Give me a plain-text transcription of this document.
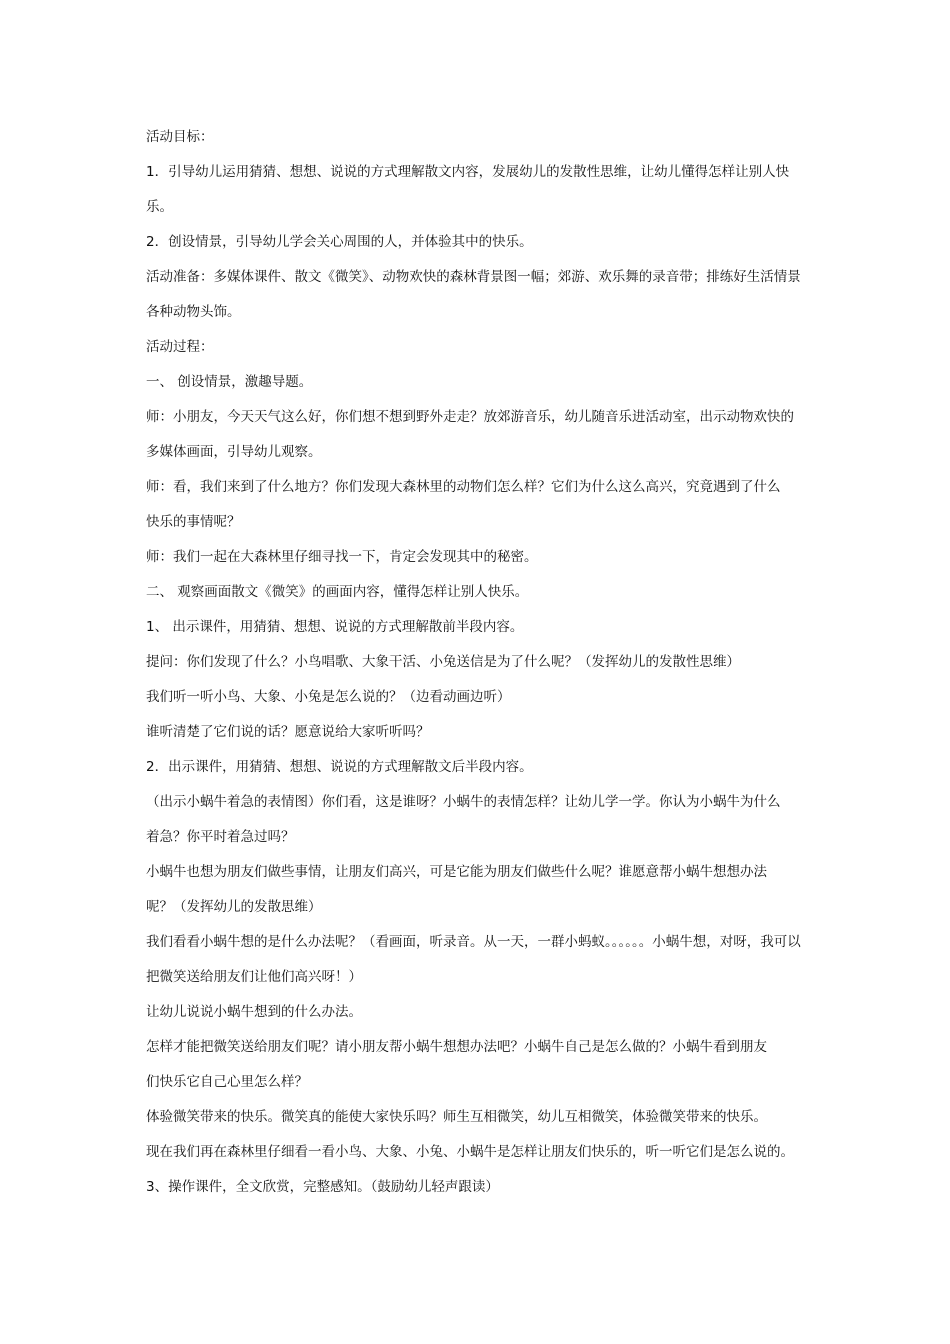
活动目标：
1．引导幼儿运用猜猜、想想、说说的方式理解散文内容，发展幼儿的发散性思维，让幼儿懂得怎样让别人快
乐。
2．创设情景，引导幼儿学会关心周围的人，并体验其中的快乐。
活动准备：多媒体课件、散文《微笑》、动物欢快的森林背景图一幅；郊游、欢乐舞的录音带；排练好生活情景
各种动物头饰。
活动过程：
一、 创设情景，激趣导题。
师：小朋友，今天天气这么好，你们想不想到野外走走？放郊游音乐，幼儿随音乐进活动室，出示动物欢快的
多媒体画面，引导幼儿观察。
师：看，我们来到了什么地方？你们发现大森林里的动物们怎么样？它们为什么这么高兴，究竟遇到了什么
快乐的事情呢？
师：我们一起在大森林里仔细寻找一下，肯定会发现其中的秘密。
二、 观察画面散文《微笑》的画面内容，懂得怎样让别人快乐。
1、 出示课件，用猜猜、想想、说说的方式理解散前半段内容。
提问：你们发现了什么？小鸟唱歌、大象干活、小兔送信是为了什么呢？（发挥幼儿的发散性思维）
我们听一听小鸟、大象、小兔是怎么说的？（边看动画边听）
谁听清楚了它们说的话？愿意说给大家听听吗？
2．出示课件，用猜猜、想想、说说的方式理解散文后半段内容。
（出示小蜗牛着急的表情图）你们看，这是谁呀？小蜗牛的表情怎样？让幼儿学一学。你认为小蜗牛为什么
着急？你平时着急过吗？
小蜗牛也想为朋友们做些事情，让朋友们高兴，可是它能为朋友们做些什么呢？谁愿意帮小蜗牛想想办法
呢？（发挥幼儿的发散思维）
我们看看小蜗牛想的是什么办法呢？（看画面，听录音。从一天，一群小蚂蚁。。。。。。小蜗牛想，对呀，我可以
把微笑送给朋友们让他们高兴呀！）
让幼儿说说小蜗牛想到的什么办法。
怎样才能把微笑送给朋友们呢？请小朋友帮小蜗牛想想办法吧？小蜗牛自己是怎么做的？小蜗牛看到朋友
们快乐它自己心里怎么样？
体验微笑带来的快乐。微笑真的能使大家快乐吗？师生互相微笑，幼儿互相微笑，体验微笑带来的快乐。
现在我们再在森林里仔细看一看小鸟、大象、小兔、小蜗牛是怎样让朋友们快乐的，听一听它们是怎么说的。
3、操作课件，全文欣赏，完整感知。（鼓励幼儿轻声跟读）
